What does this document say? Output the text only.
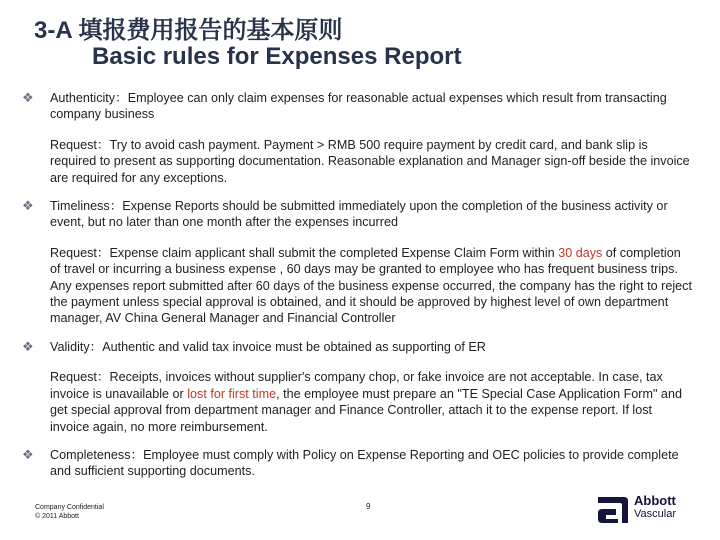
3-A 填报费用报告的基本原则
Basic rules for Expenses Report
❖ Authenticity：Employee can only claim expenses for reasonable actual expenses which result from transacting company business

Request：Try to avoid cash payment. Payment > RMB 500 require payment by credit card, and bank slip is required to present as supporting documentation. Reasonable explanation and Manager sign-off beside the invoice are required for any exceptions.

❖ Timeliness：Expense Reports should be submitted immediately upon the completion of the business activity or event, but no later than one month after the expenses incurred

Request：Expense claim applicant shall submit the completed Expense Claim Form within 30 days of completion of travel or incurring a business expense , 60 days may be granted to employee who has frequent business trips. Any expenses report submitted after 60 days of the business expense occurred, the company has the right to reject the payment unless special approval is obtained, and it should be approved by highest level of own department manager, AV China General Manager and Financial Controller

❖ Validity：Authentic and valid tax invoice must be obtained as supporting of ER

Request：Receipts, invoices without supplier's company chop, or fake invoice are not acceptable. In case, tax invoice is unavailable or lost for first time, the employee must prepare an "TE Special Case Application Form" and get special approval from department manager and Finance Controller, attach it to the expense report. If lost invoice again, no more reimbursement.

❖ Completeness：Employee must comply with Policy on Expense Reporting and OEC policies to provide complete and sufficient supporting documents.

Company Confidential
© 2011 Abbott
9	Abbott
Vascular
